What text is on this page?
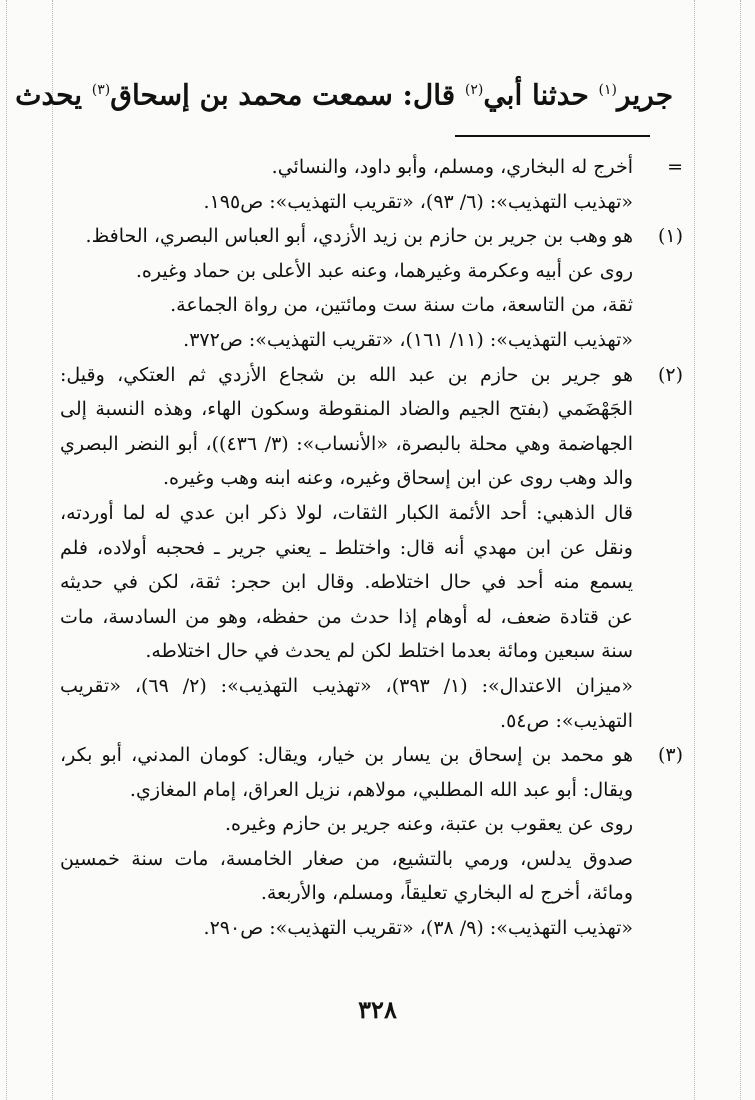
جرير$^{(١)}$ حدثنا أبي$^{(٢)}$ قال: سمعت محمد بن إسحاق$^{(٣)}$ يحدث
=
أخرج له البخاري، ومسلم، وأبو داود، والنسائي.
«تهذيب التهذيب»: (٦/ ٩٣)، «تقريب التهذيب»: ص١٩٥.
(١)
هو وهب بن جرير بن حازم بن زيد الأزدي، أبو العباس البصري، الحافظ.
روى عن أبيه وعكرمة وغيرهما، وعنه عبد الأعلى بن حماد وغيره.
ثقة، من التاسعة، مات سنة ست ومائتين، من رواة الجماعة.
«تهذيب التهذيب»: (١١/ ١٦١)، «تقريب التهذيب»: ص٣٧٢.
(٢)
هو جرير بن حازم بن عبد الله بن شجاع الأزدي ثم العتكي، وقيل:
الجَهْضَمي (بفتح الجيم والضاد المنقوطة وسكون الهاء، وهذه النسبة إلى
الجهاضمة وهي محلة بالبصرة، «الأنساب»: (٣/ ٤٣٦))، أبو النضر البصري
والد وهب روى عن ابن إسحاق وغيره، وعنه ابنه وهب وغيره.
قال الذهبي: أحد الأئمة الكبار الثقات، لولا ذكر ابن عدي له لما أوردته،
ونقل عن ابن مهدي أنه قال: واختلط ـ يعني جرير ـ فحجبه أولاده، فلم
يسمع منه أحد في حال اختلاطه. وقال ابن حجر: ثقة، لكن في حديثه
عن قتادة ضعف، له أوهام إذا حدث من حفظه، وهو من السادسة، مات
سنة سبعين ومائة بعدما اختلط لكن لم يحدث في حال اختلاطه.
«ميزان الاعتدال»: (١/ ٣٩٣)، «تهذيب التهذيب»: (٢/ ٦٩)، «تقريب
التهذيب»: ص٥٤.
(٣)
هو محمد بن إسحاق بن يسار بن خيار، ويقال: كومان المدني، أبو بكر،
ويقال: أبو عبد الله المطلبي، مولاهم، نزيل العراق، إمام المغازي.
روى عن يعقوب بن عتبة، وعنه جرير بن حازم وغيره.
صدوق يدلس، ورمي بالتشيع، من صغار الخامسة، مات سنة خمسين
ومائة، أخرج له البخاري تعليقاً، ومسلم، والأربعة.
«تهذيب التهذيب»: (٩/ ٣٨)، «تقريب التهذيب»: ص٢٩٠.
٣٢٨
